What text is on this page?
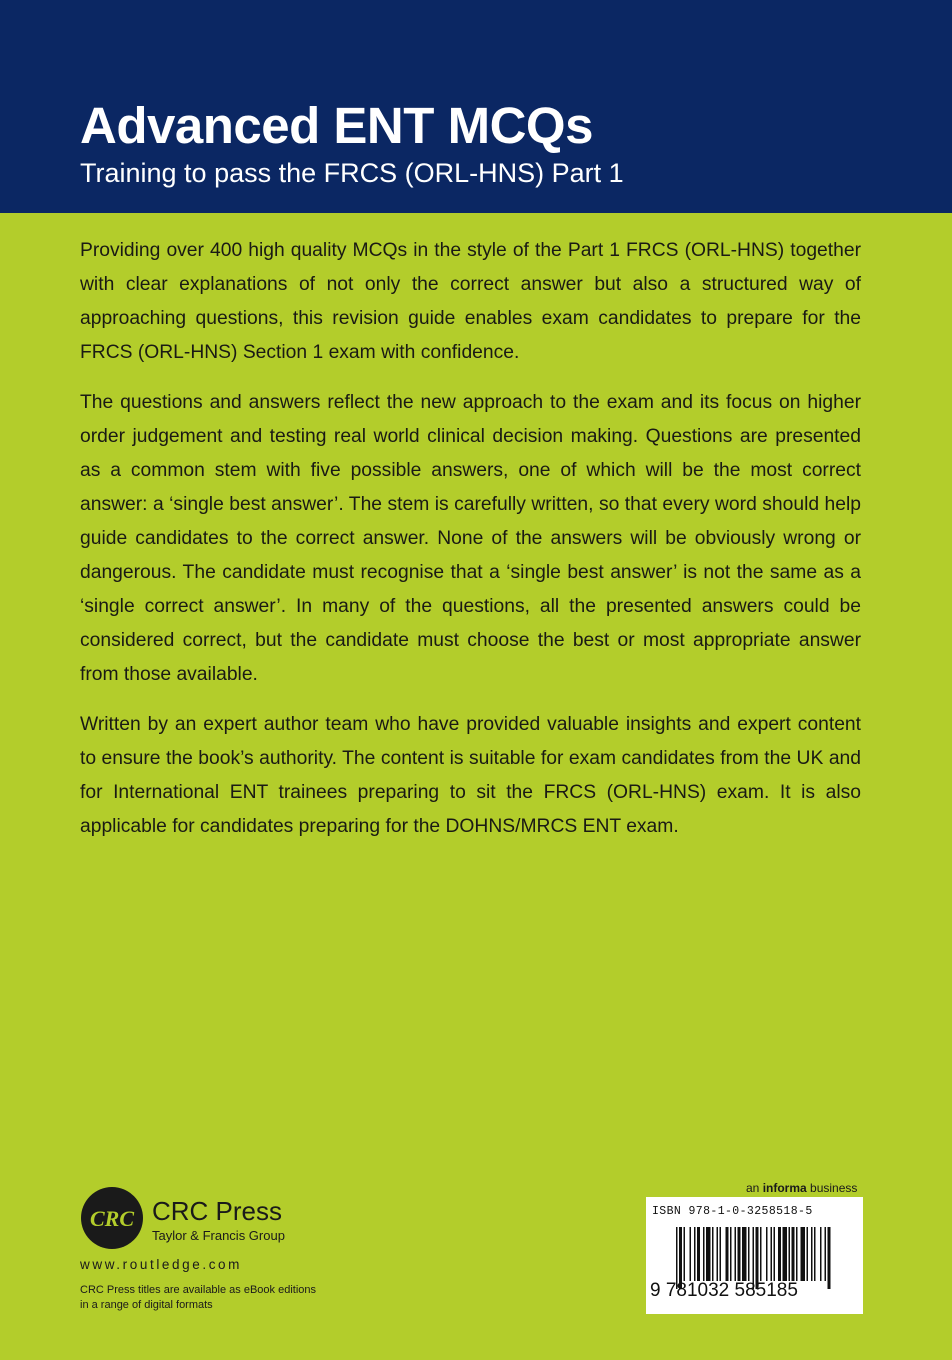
Advanced ENT MCQs
Training to pass the FRCS (ORL-HNS) Part 1

Providing over 400 high quality MCQs in the style of the Part 1 FRCS (ORL-HNS) together with clear explanations of not only the correct answer but also a structured way of approaching questions, this revision guide enables exam candidates to prepare for the FRCS (ORL-HNS) Section 1 exam with confidence.

The questions and answers reflect the new approach to the exam and its focus on higher order judgement and testing real world clinical decision making. Questions are presented as a common stem with five possible answers, one of which will be the most correct answer: a ‘single best answer’. The stem is carefully written, so that every word should help guide candidates to the correct answer. None of the answers will be obviously wrong or dangerous. The candidate must recognise that a ‘single best answer’ is not the same as a ‘single correct answer’. In many of the questions, all the presented answers could be considered correct, but the candidate must choose the best or most appropriate answer from those available.

Written by an expert author team who have provided valuable insights and expert content to ensure the book’s authority. The content is suitable for exam candidates from the UK and for International ENT trainees preparing to sit the FRCS (ORL-HNS) exam. It is also applicable for candidates preparing for the DOHNS/MRCS ENT exam.

an informa business
CRC CRC Press
Taylor & Francis Group
www.routledge.com
CRC Press titles are available as eBook editions
in a range of digital formats
ISBN 978-1-0-3258518-5
9 781032 585185
